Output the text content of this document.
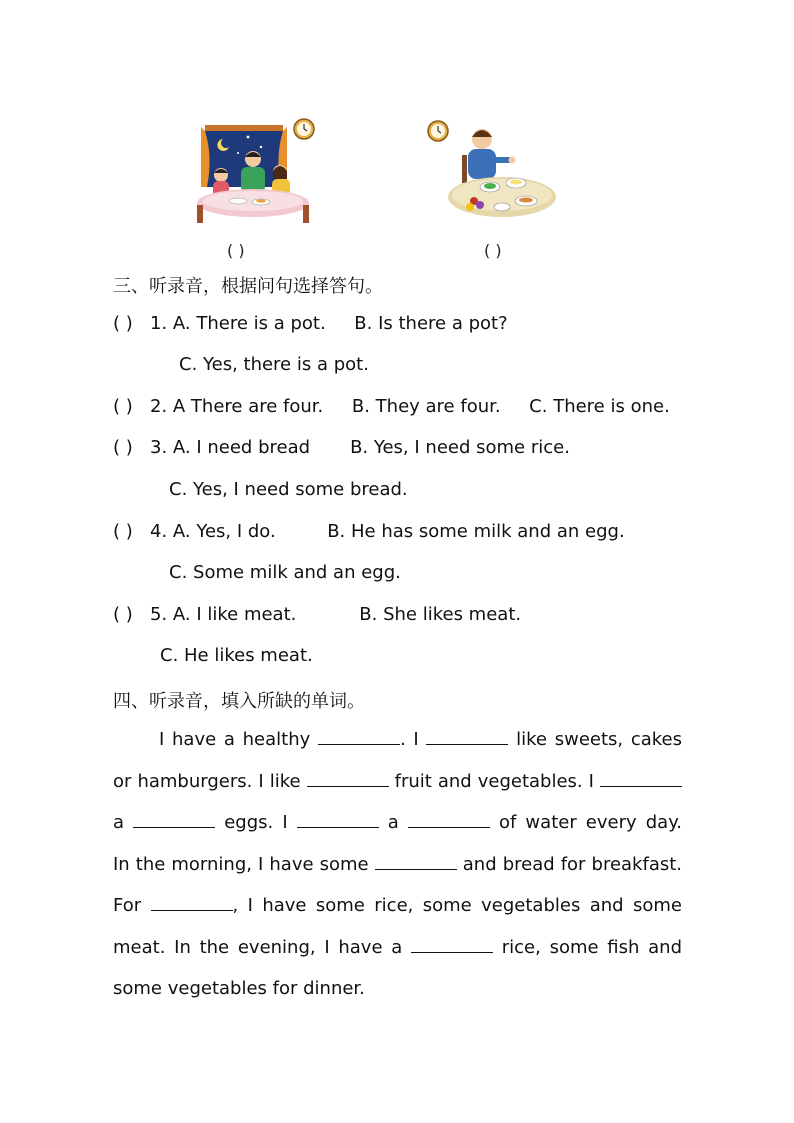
( )	( )
三、听录音，根据问句选择答句。
( ) 1. A. There is a pot.     B. Is there a pot?
C. Yes, there is a pot.
( ) 2. A There are four.     B. They are four.     C. There is one.
( ) 3. A. I need bread       B. Yes, I need some rice.
C. Yes, I need some bread.
( ) 4. A. Yes, I do.         B. He has some milk and an egg.
C. Some milk and an egg.
( ) 5. A. I like meat.           B. She likes meat.
C. He likes meat.
四、听录音，填入所缺的单词。
I have a healthy	. I	like sweets, cakes
or hamburgers. I like	fruit and vegetables. I
a	eggs. I	a	of water every day.
In the morning, I have some	and bread for breakfast.
For	, I have some rice, some vegetables and some
meat. In the evening, I have a	rice, some fish and
some vegetables for dinner.
